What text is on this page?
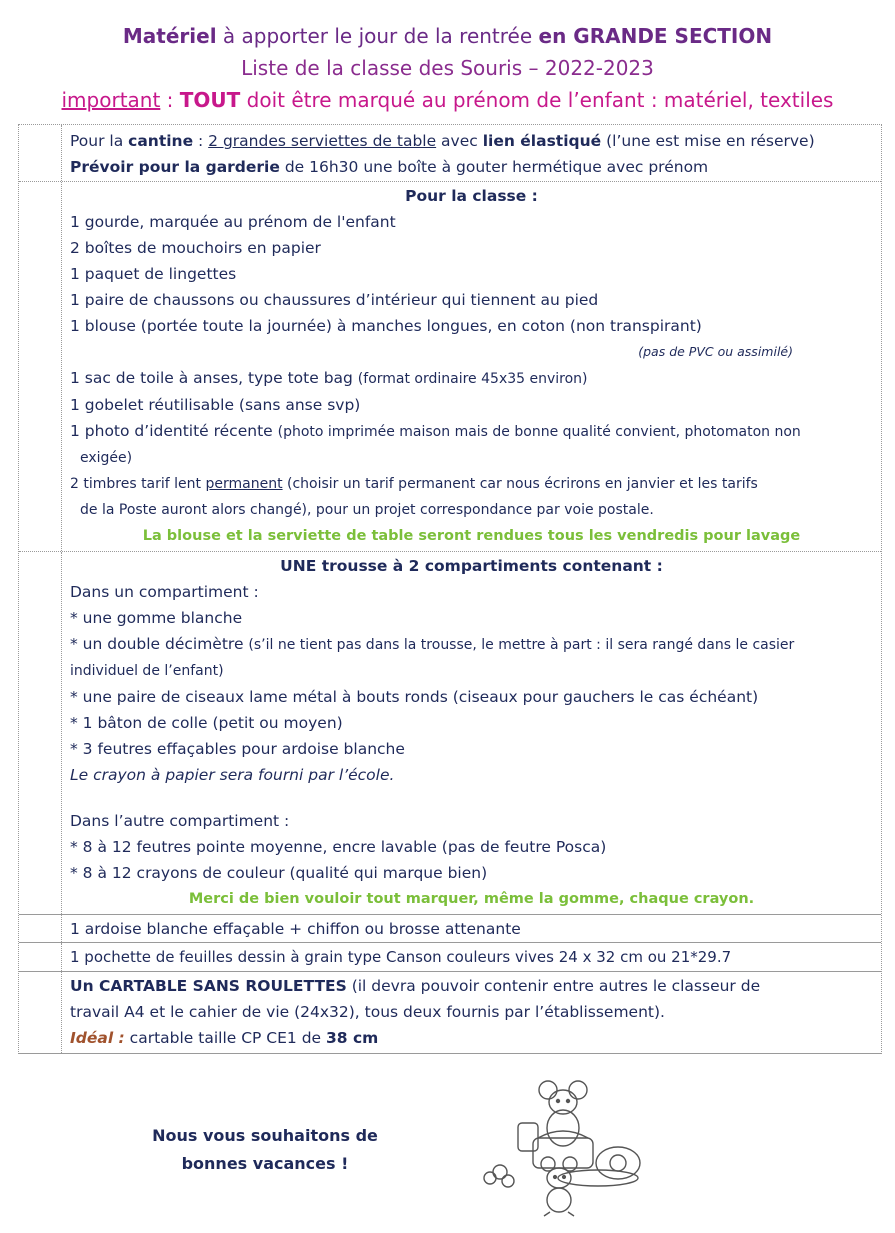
Matériel à apporter le jour de la rentrée en GRANDE SECTION
Liste de la classe des Souris – 2022-2023
important : TOUT doit être marqué au prénom de l’enfant : matériel, textiles
Pour la cantine : 2 grandes serviettes de table avec lien élastiqué (l’une est mise en réserve)
Prévoir pour la garderie de 16h30 une boîte à gouter hermétique avec prénom
Pour la classe :
1 gourde, marquée au prénom de l'enfant
2 boîtes de mouchoirs en papier
1 paquet de lingettes
1 paire de chaussons ou chaussures d’intérieur qui tiennent au pied
1 blouse (portée toute la journée) à manches longues, en coton (non transpirant)
(pas de PVC ou assimilé)
1 sac de toile à anses, type tote bag (format ordinaire 45x35 environ)
1 gobelet réutilisable (sans anse svp)
1 photo d’identité récente (photo imprimée maison mais de bonne qualité convient, photomaton non
exigée)
2 timbres tarif lent permanent (choisir un tarif permanent car nous écrirons en janvier et les tarifs
de la Poste auront alors changé), pour un projet correspondance par voie postale.
La blouse et la serviette de table seront rendues tous les vendredis pour lavage
UNE trousse à 2 compartiments contenant :
Dans un compartiment :
* une gomme blanche
* un double décimètre (s’il ne tient pas dans la trousse, le mettre à part : il sera rangé dans le casier
individuel de l’enfant)
* une paire de ciseaux lame métal à bouts ronds (ciseaux pour gauchers le cas échéant)
* 1 bâton de colle (petit ou moyen)
* 3 feutres effaçables pour ardoise blanche
Le crayon à papier sera fourni par l’école.
Dans l’autre compartiment :
* 8 à 12 feutres pointe moyenne, encre lavable (pas de feutre Posca)
* 8 à 12 crayons de couleur (qualité qui marque bien)
Merci de bien vouloir tout marquer, même la gomme, chaque crayon.
1 ardoise blanche effaçable + chiffon ou brosse attenante
1 pochette de feuilles dessin à grain type Canson couleurs vives 24 x 32 cm ou 21*29.7
Un CARTABLE SANS ROULETTES (il devra pouvoir contenir entre autres le classeur de
travail A4 et le cahier de vie (24x32), tous deux fournis par l’établissement).
Idéal : cartable taille CP CE1 de 38 cm
Nous vous souhaitons de
bonnes vacances !
